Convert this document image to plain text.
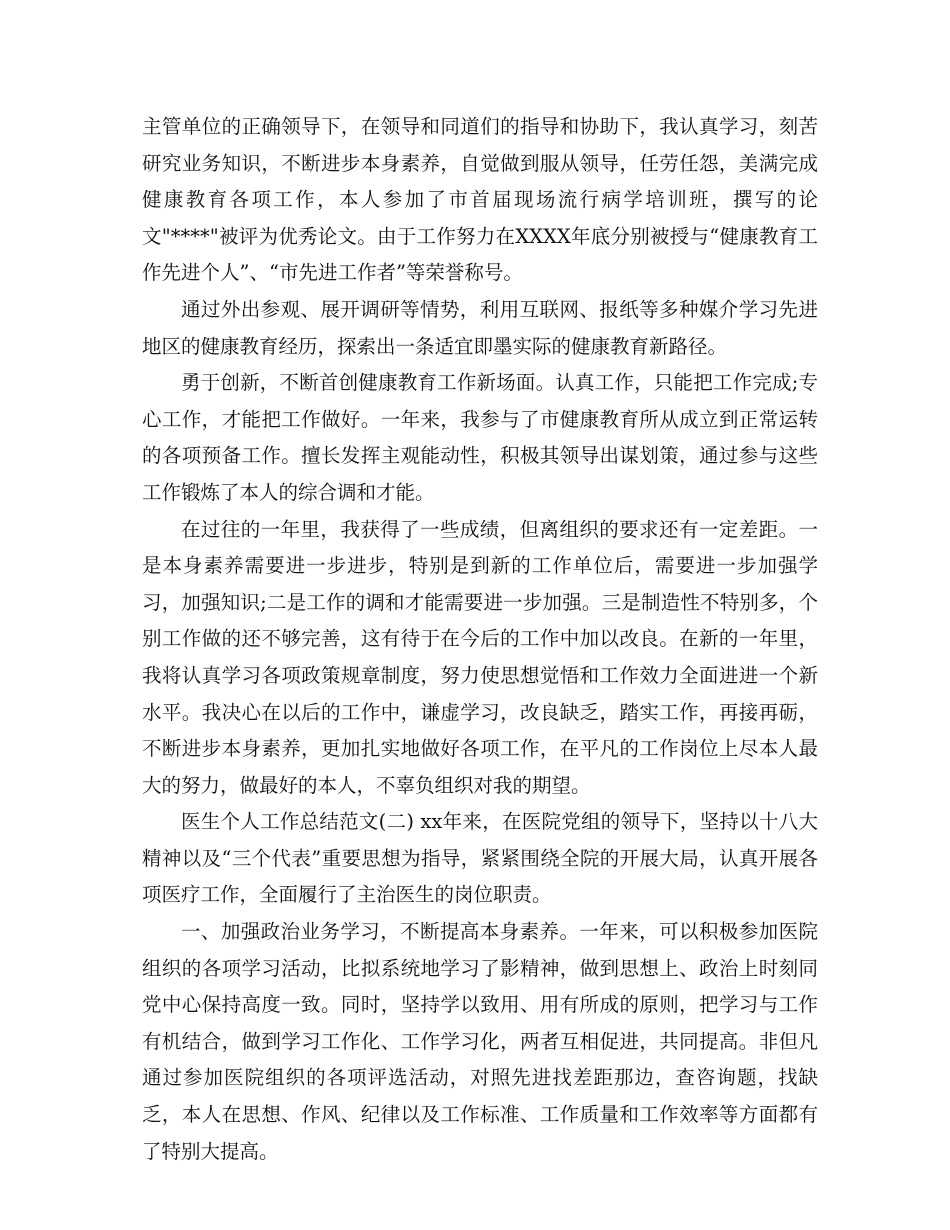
主管单位的正确领导下，在领导和同道们的指导和协助下，我认真学习，刻苦研究业务知识，不断进步本身素养，自觉做到服从领导，任劳任怨，美满完成健康教育各项工作，本人参加了市首届现场流行病学培训班，撰写的论文"****"被评为优秀论文。由于工作努力在XXXX年底分别被授与“健康教育工作先进个人”、“市先进工作者”等荣誉称号。

通过外出参观、展开调研等情势，利用互联网、报纸等多种媒介学习先进地区的健康教育经历，探索出一条适宜即墨实际的健康教育新路径。

勇于创新，不断首创健康教育工作新场面。认真工作，只能把工作完成;专心工作，才能把工作做好。一年来，我参与了市健康教育所从成立到正常运转的各项预备工作。擅长发挥主观能动性，积极其领导出谋划策，通过参与这些工作锻炼了本人的综合调和才能。

在过往的一年里，我获得了一些成绩，但离组织的要求还有一定差距。一是本身素养需要进一步进步，特别是到新的工作单位后，需要进一步加强学习，加强知识;二是工作的调和才能需要进一步加强。三是制造性不特别多，个别工作做的还不够完善，这有待于在今后的工作中加以改良。在新的一年里，我将认真学习各项政策规章制度，努力使思想觉悟和工作效力全面进进一个新水平。我决心在以后的工作中，谦虚学习，改良缺乏，踏实工作，再接再砺，不断进步本身素养，更加扎实地做好各项工作，在平凡的工作岗位上尽本人最大的努力，做最好的本人，不辜负组织对我的期望。

医生个人工作总结范文(二) xx年来，在医院党组的领导下，坚持以十八大精神以及“三个代表”重要思想为指导，紧紧围绕全院的开展大局，认真开展各项医疗工作，全面履行了主治医生的岗位职责。

一、加强政治业务学习，不断提高本身素养。一年来，可以积极参加医院组织的各项学习活动，比拟系统地学习了影精神，做到思想上、政治上时刻同党中心保持高度一致。同时，坚持学以致用、用有所成的原则，把学习与工作有机结合，做到学习工作化、工作学习化，两者互相促进，共同提高。非但凡通过参加医院组织的各项评选活动，对照先进找差距那边，查咨询题，找缺乏，本人在思想、作风、纪律以及工作标准、工作质量和工作效率等方面都有了特别大提高。
